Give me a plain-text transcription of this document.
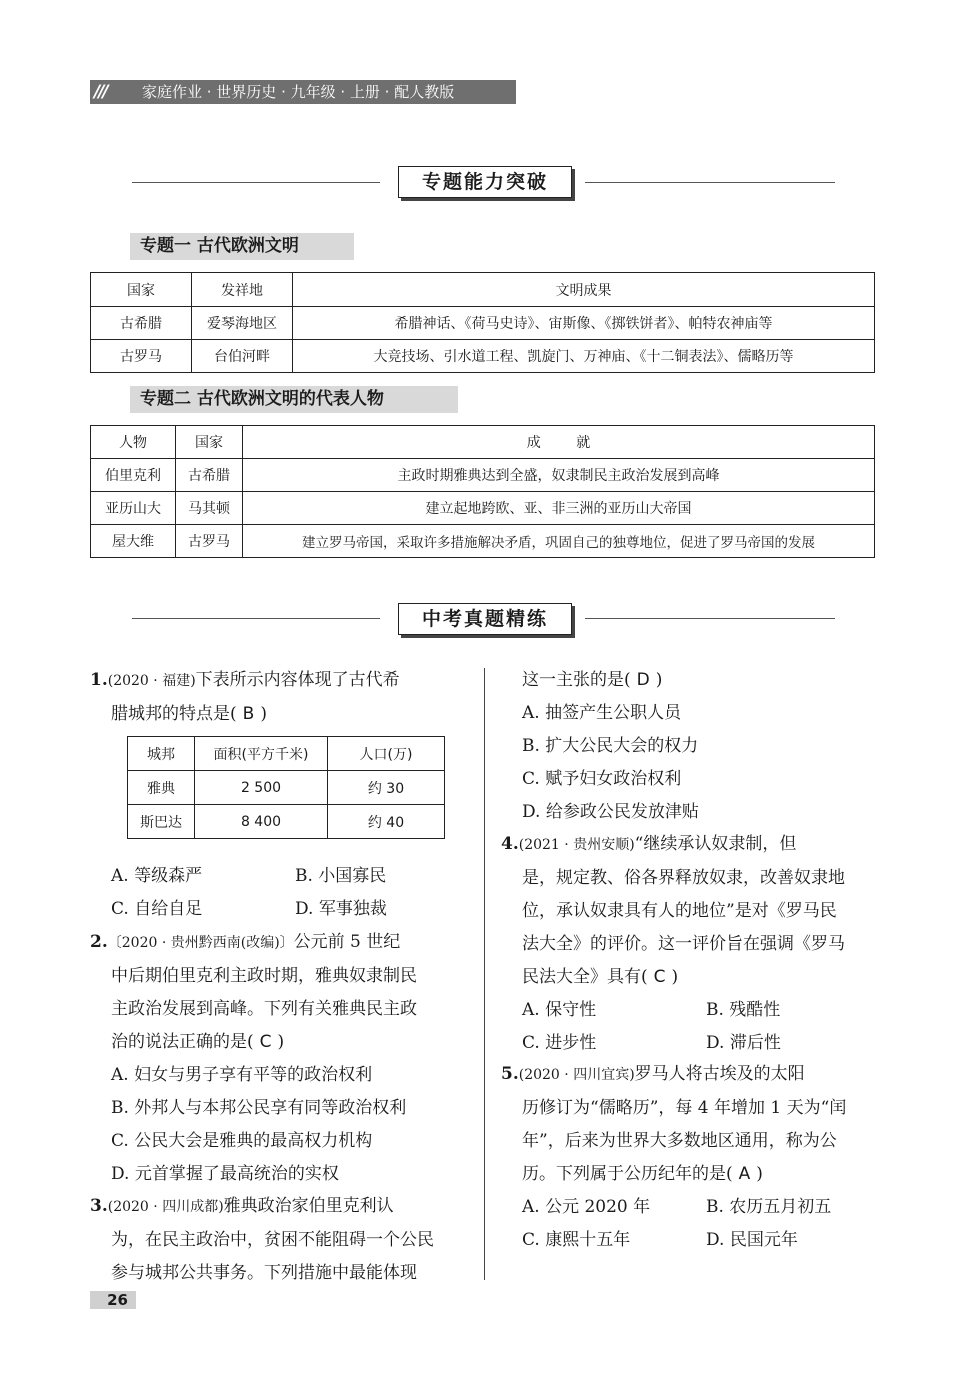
/// 家庭作业 · 世界历史 · 九年级 · 上册 · 配人教版
专题能力突破
专题一 古代欧洲文明
国家	发祥地	文明成果
古希腊	爱琴海地区	希腊神话、《荷马史诗》、宙斯像、《掷铁饼者》、帕特农神庙等
古罗马	台伯河畔	大竞技场、引水道工程、凯旋门、万神庙、《十二铜表法》、儒略历等
专题二 古代欧洲文明的代表人物
人物	国家	成        就
伯里克利	古希腊	主政时期雅典达到全盛，奴隶制民主政治发展到高峰
亚历山大	马其顿	建立起地跨欧、亚、非三洲的亚历山大帝国
屋大维	古罗马	建立罗马帝国，采取许多措施解决矛盾，巩固自己的独尊地位，促进了罗马帝国的发展
中考真题精练
1.(2020 · 福建)下表所示内容体现了古代希
腊城邦的特点是( B )
城邦	面积(平方千米)	人口(万)
雅典	2 500	约 30
斯巴达	8 400	约 40
A. 等级森严	B. 小国寡民
C. 自给自足	D. 军事独裁
2.〔2020 · 贵州黔西南(改编)〕公元前 5 世纪
中后期伯里克利主政时期，雅典奴隶制民
主政治发展到高峰。下列有关雅典民主政
治的说法正确的是( C )
A. 妇女与男子享有平等的政治权利
B. 外邦人与本邦公民享有同等政治权利
C. 公民大会是雅典的最高权力机构
D. 元首掌握了最高统治的实权
3.(2020 · 四川成都)雅典政治家伯里克利认
为，在民主政治中，贫困不能阻碍一个公民
参与城邦公共事务。下列措施中最能体现
这一主张的是( D )
A. 抽签产生公职人员
B. 扩大公民大会的权力
C. 赋予妇女政治权利
D. 给参政公民发放津贴
4.(2021 · 贵州安顺)“继续承认奴隶制，但
是，规定教、俗各界释放奴隶，改善奴隶地
位，承认奴隶具有人的地位”是对《罗马民
法大全》的评价。这一评价旨在强调《罗马
民法大全》具有( C )
A. 保守性	B. 残酷性
C. 进步性	D. 滞后性
5.(2020 · 四川宜宾)罗马人将古埃及的太阳
历修订为“儒略历”，每 4 年增加 1 天为“闰
年”，后来为世界大多数地区通用，称为公
历。下列属于公历纪年的是( A )
A. 公元 2020 年	B. 农历五月初五
C. 康熙十五年	D. 民国元年
26
